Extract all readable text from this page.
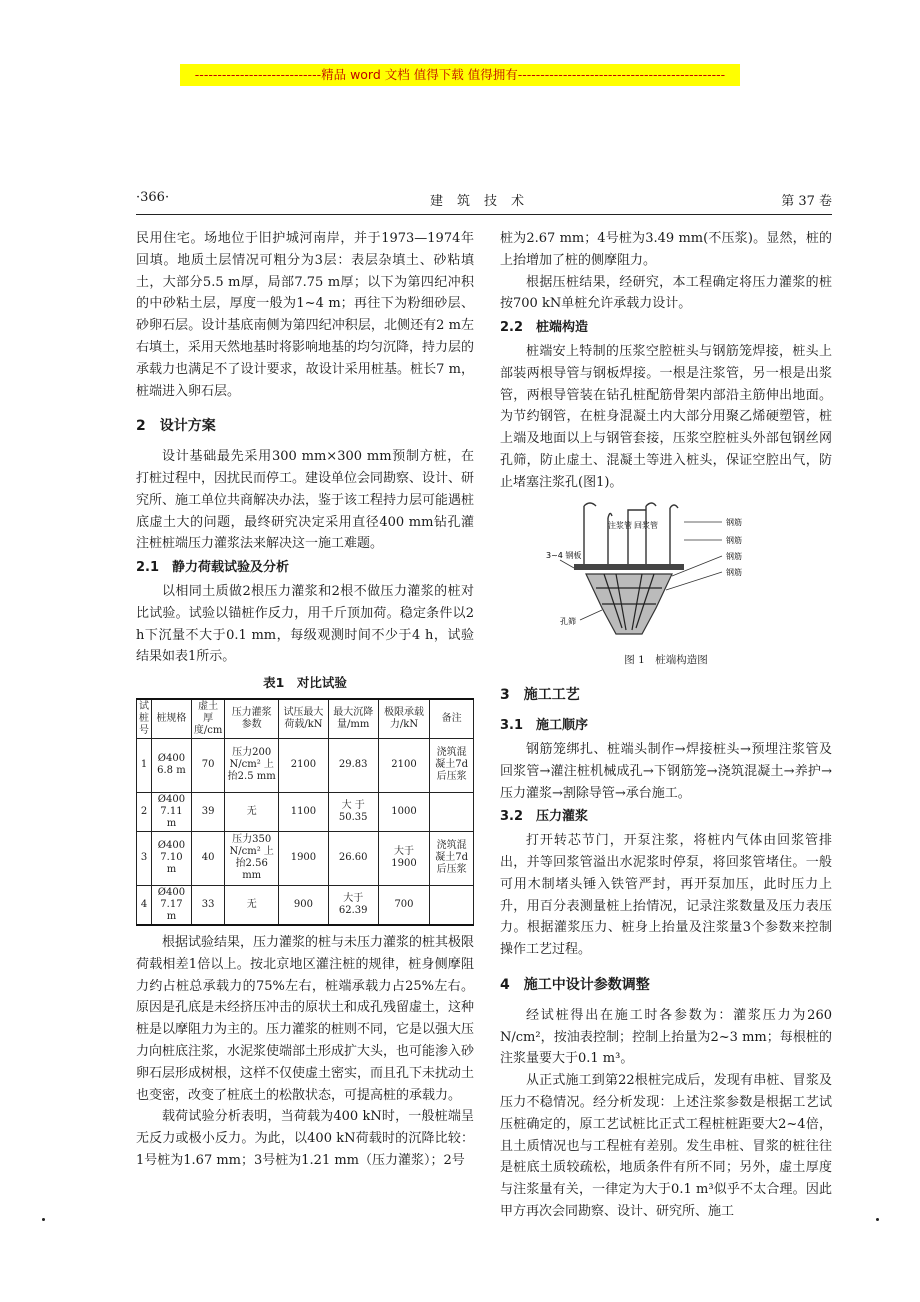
----------------------------精品 word 文档 值得下载 值得拥有----------------------------------------------
·366·	建筑技术	第 37 卷

民用住宅。场地位于旧护城河南岸，并于1973—1974年回填。地质土层情况可粗分为3层：表层杂填土、砂粘填土，大部分5.5 m厚，局部7.75 m厚；以下为第四纪冲积的中砂粘土层，厚度一般为1~4 m；再往下为粉细砂层、砂卵石层。设计基底南侧为第四纪冲积层，北侧还有2 m左右填土，采用天然地基时将影响地基的均匀沉降，持力层的承载力也满足不了设计要求，故设计采用桩基。桩长7 m，桩端进入卵石层。

2　设计方案

设计基础最先采用300 mm×300 mm预制方桩，在打桩过程中，因扰民而停工。建设单位会同勘察、设计、研究所、施工单位共商解决办法，鉴于该工程持力层可能遇桩底虚土大的问题，最终研究决定采用直径400 mm钻孔灌注桩桩端压力灌浆法来解决这一施工难题。

2.1　静力荷载试验及分析

以相同土质做2根压力灌浆和2根不做压力灌浆的桩对比试验。试验以锚桩作反力，用千斤顶加荷。稳定条件以2 h下沉量不大于0.1 mm，每级观测时间不少于4 h，试验结果如表1所示。

表1　对比试验
试桩号	桩规格	虚土厚度/cm	压力灌浆参数	试压最大荷载/kN	最大沉降量/mm	极限承载力/kN	备注
1	Ø400 6.8 m	70	压力200 N/cm² 上抬2.5 mm	2100	29.83	2100	浇筑混凝土7d后压浆
2	Ø400 7.11 m	39	无	1100	大 于 50.35	1000	
3	Ø400 7.10 m	40	压力350 N/cm² 上抬2.56 mm	1900	26.60	大于 1900	浇筑混凝土7d后压浆
4	Ø400 7.17 m	33	无	900	大于 62.39	700	

根据试验结果，压力灌浆的桩与未压力灌浆的桩其极限荷载相差1倍以上。按北京地区灌注桩的规律，桩身侧摩阻力约占桩总承载力的75%左右，桩端承载力占25%左右。原因是孔底是未经挤压冲击的原状土和成孔残留虚土，这种桩是以摩阻力为主的。压力灌浆的桩则不同，它是以强大压力向桩底注浆，水泥浆使端部土形成扩大头，也可能渗入砂卵石层形成树根，这样不仅使虚土密实，而且孔下未扰动土也变密，改变了桩底土的松散状态，可提高桩的承载力。

载荷试验分析表明，当荷载为400 kN时，一般桩端呈无反力或极小反力。为此，以400 kN荷载时的沉降比较：1号桩为1.67 mm；3号桩为1.21 mm（压力灌浆）；2号

桩为2.67 mm；4号桩为3.49 mm(不压浆)。显然，桩的上抬增加了桩的侧摩阻力。

根据压桩结果，经研究，本工程确定将压力灌浆的桩按700 kN单桩允许承载力设计。

2.2　桩端构造

桩端安上特制的压浆空腔桩头与钢筋笼焊接，桩头上部装两根导管与钢板焊接。一根是注浆管，另一根是出浆管，两根导管装在钻孔桩配筋骨架内部沿主筋伸出地面。为节约钢管，在桩身混凝土内大部分用聚乙烯硬塑管，桩上端及地面以上与钢管套接，压浆空腔桩头外部包钢丝网孔筛，防止虚土、混凝土等进入桩头，保证空腔出气，防止堵塞注浆孔(图1)。

注浆管 回浆管
3~4 钢板
孔筛
钢筋
钢筋
钢筋
钢筋
图 1　桩端构造图
3　施工工艺
3.1　施工顺序

钢筋笼绑扎、桩端头制作→焊接桩头→预埋注浆管及回浆管→灌注桩机械成孔→下钢筋笼→浇筑混凝土→养护→压力灌浆→割除导管→承台施工。

3.2　压力灌浆

打开转芯节门，开泵注浆，将桩内气体由回浆管排出，并等回浆管溢出水泥浆时停泵，将回浆管堵住。一般可用木制堵头锤入铁管严封，再开泵加压，此时压力上升，用百分表测量桩上抬情况，记录注浆数量及压力表压力。根据灌浆压力、桩身上抬量及注浆量3个参数来控制操作工艺过程。

4　施工中设计参数调整

经试桩得出在施工时各参数为：灌浆压力为260 N/cm²，按油表控制；控制上抬量为2~3 mm；每根桩的注浆量要大于0.1 m³。

从正式施工到第22根桩完成后，发现有串桩、冒浆及压力不稳情况。经分析发现：上述注浆参数是根据工艺试压桩确定的，原工艺试桩比正式工程桩桩距要大2~4倍，且土质情况也与工程桩有差别。发生串桩、冒浆的桩往往是桩底土质较疏松，地质条件有所不同；另外，虚土厚度与注浆量有关，一律定为大于0.1 m³似乎不太合理。因此甲方再次会同勘察、设计、研究所、施工
